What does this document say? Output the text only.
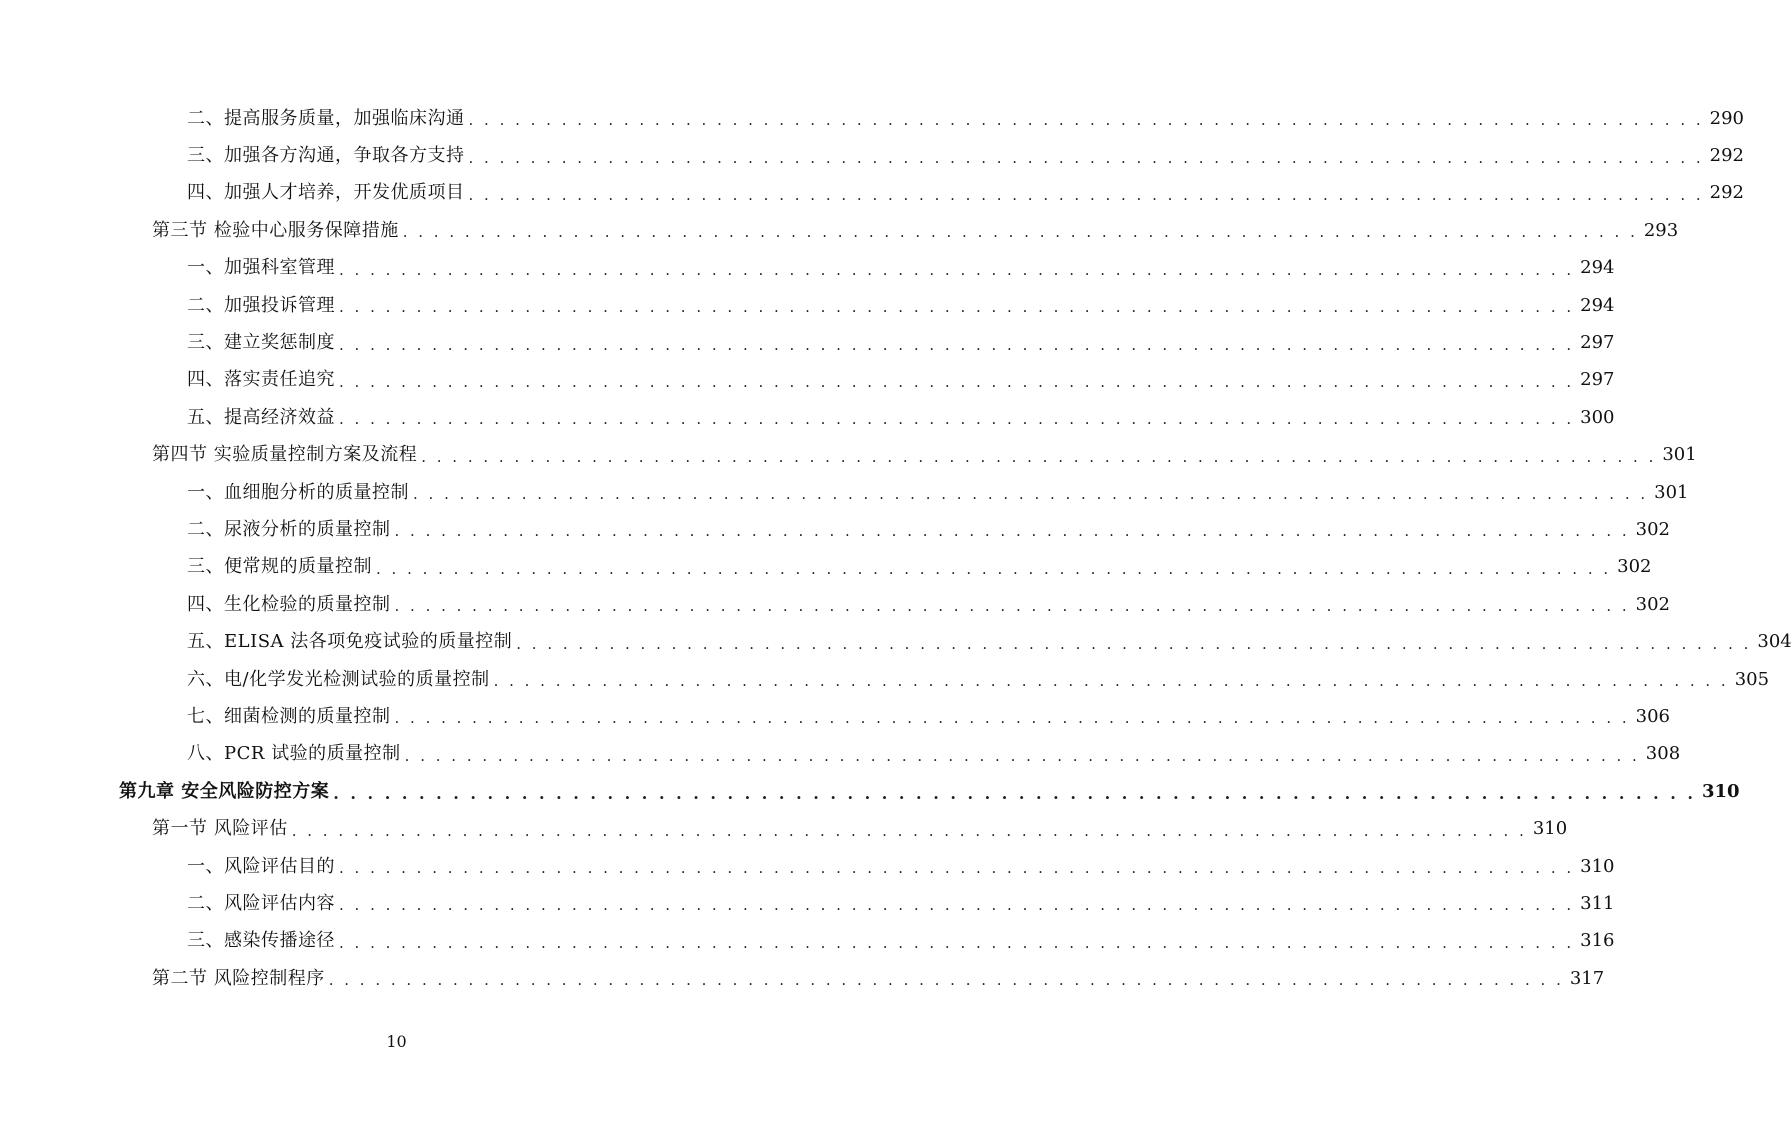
二、提高服务质量，加强临床沟通 . . . . . . . . . . . . . . . . . . . . . . . . . . . . . . . . . . . . . . . . . . . . . . . . . . . . . . . . . . . . . . . . . . . . . . . . . . . . . . . . 290
三、加强各方沟通，争取各方支持 . . . . . . . . . . . . . . . . . . . . . . . . . . . . . . . . . . . . . . . . . . . . . . . . . . . . . . . . . . . . . . . . . . . . . . . . . . . . . . . . 292
四、加强人才培养，开发优质项目 . . . . . . . . . . . . . . . . . . . . . . . . . . . . . . . . . . . . . . . . . . . . . . . . . . . . . . . . . . . . . . . . . . . . . . . . . . . . . . . . 292
第三节 检验中心服务保障措施 . . . . . . . . . . . . . . . . . . . . . . . . . . . . . . . . . . . . . . . . . . . . . . . . . . . . . . . . . . . . . . . . . . . . . . . . . . . . . . . . 293
一、加强科室管理 . . . . . . . . . . . . . . . . . . . . . . . . . . . . . . . . . . . . . . . . . . . . . . . . . . . . . . . . . . . . . . . . . . . . . . . . . . . . . . . . 294
二、加强投诉管理 . . . . . . . . . . . . . . . . . . . . . . . . . . . . . . . . . . . . . . . . . . . . . . . . . . . . . . . . . . . . . . . . . . . . . . . . . . . . . . . . 294
三、建立奖惩制度 . . . . . . . . . . . . . . . . . . . . . . . . . . . . . . . . . . . . . . . . . . . . . . . . . . . . . . . . . . . . . . . . . . . . . . . . . . . . . . . . 297
四、落实责任追究 . . . . . . . . . . . . . . . . . . . . . . . . . . . . . . . . . . . . . . . . . . . . . . . . . . . . . . . . . . . . . . . . . . . . . . . . . . . . . . . . 297
五、提高经济效益 . . . . . . . . . . . . . . . . . . . . . . . . . . . . . . . . . . . . . . . . . . . . . . . . . . . . . . . . . . . . . . . . . . . . . . . . . . . . . . . . 300
第四节 实验质量控制方案及流程 . . . . . . . . . . . . . . . . . . . . . . . . . . . . . . . . . . . . . . . . . . . . . . . . . . . . . . . . . . . . . . . . . . . . . . . . . . . . . . . . 301
一、血细胞分析的质量控制 . . . . . . . . . . . . . . . . . . . . . . . . . . . . . . . . . . . . . . . . . . . . . . . . . . . . . . . . . . . . . . . . . . . . . . . . . . . . . . . . 301
二、尿液分析的质量控制 . . . . . . . . . . . . . . . . . . . . . . . . . . . . . . . . . . . . . . . . . . . . . . . . . . . . . . . . . . . . . . . . . . . . . . . . . . . . . . . . 302
三、便常规的质量控制 . . . . . . . . . . . . . . . . . . . . . . . . . . . . . . . . . . . . . . . . . . . . . . . . . . . . . . . . . . . . . . . . . . . . . . . . . . . . . . . . 302
四、生化检验的质量控制 . . . . . . . . . . . . . . . . . . . . . . . . . . . . . . . . . . . . . . . . . . . . . . . . . . . . . . . . . . . . . . . . . . . . . . . . . . . . . . . . 302
五、ELISA 法各项免疫试验的质量控制 . . . . . . . . . . . . . . . . . . . . . . . . . . . . . . . . . . . . . . . . . . . . . . . . . . . . . . . . . . . . . . . . . . . . . . . . . . . . . . . . 304
六、电/化学发光检测试验的质量控制 . . . . . . . . . . . . . . . . . . . . . . . . . . . . . . . . . . . . . . . . . . . . . . . . . . . . . . . . . . . . . . . . . . . . . . . . . . . . . . . . 305
七、细菌检测的质量控制 . . . . . . . . . . . . . . . . . . . . . . . . . . . . . . . . . . . . . . . . . . . . . . . . . . . . . . . . . . . . . . . . . . . . . . . . . . . . . . . . 306
八、PCR 试验的质量控制 . . . . . . . . . . . . . . . . . . . . . . . . . . . . . . . . . . . . . . . . . . . . . . . . . . . . . . . . . . . . . . . . . . . . . . . . . . . . . . . . 308
第九章 安全风险防控方案 . . . . . . . . . . . . . . . . . . . . . . . . . . . . . . . . . . . . . . . . . . . . . . . . . . . . . . . . . . . . . . . . . . . . . . . . . . . . . . . . 310
第一节 风险评估 . . . . . . . . . . . . . . . . . . . . . . . . . . . . . . . . . . . . . . . . . . . . . . . . . . . . . . . . . . . . . . . . . . . . . . . . . . . . . . . . 310
一、风险评估目的 . . . . . . . . . . . . . . . . . . . . . . . . . . . . . . . . . . . . . . . . . . . . . . . . . . . . . . . . . . . . . . . . . . . . . . . . . . . . . . . . 310
二、风险评估内容 . . . . . . . . . . . . . . . . . . . . . . . . . . . . . . . . . . . . . . . . . . . . . . . . . . . . . . . . . . . . . . . . . . . . . . . . . . . . . . . . 311
三、感染传播途径 . . . . . . . . . . . . . . . . . . . . . . . . . . . . . . . . . . . . . . . . . . . . . . . . . . . . . . . . . . . . . . . . . . . . . . . . . . . . . . . . 316
第二节 风险控制程序 . . . . . . . . . . . . . . . . . . . . . . . . . . . . . . . . . . . . . . . . . . . . . . . . . . . . . . . . . . . . . . . . . . . . . . . . . . . . . . . . 317
10
